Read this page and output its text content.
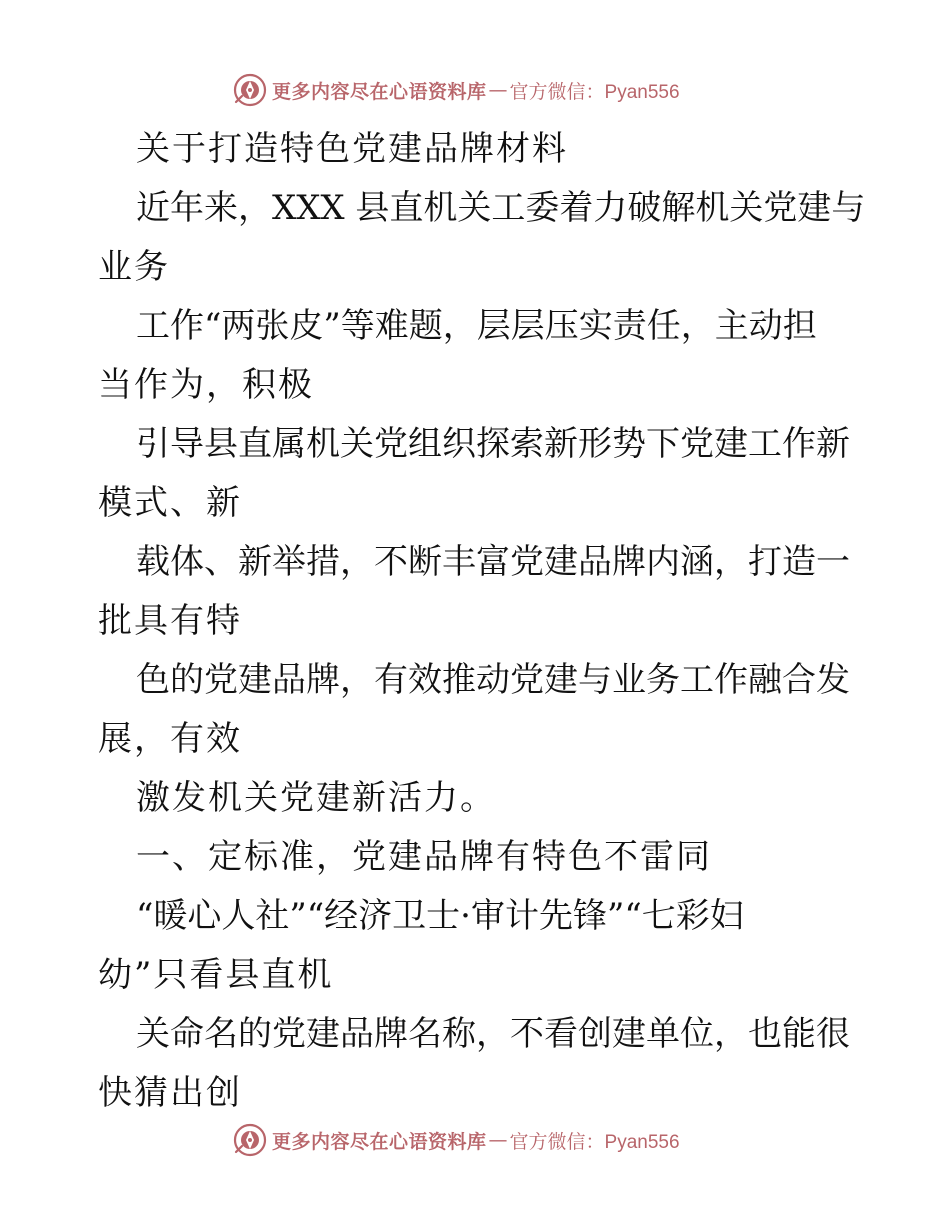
更多内容尽在心语资料库 — 官方微信：Pyan556
关于打造特色党建品牌材料
近年来，XXX 县直机关工委着力破解机关党建与
业务
工作“两张皮”等难题，层层压实责任，主动担
当作为，积极
引导县直属机关党组织探索新形势下党建工作新
模式、新
载体、新举措，不断丰富党建品牌内涵，打造一
批具有特
色的党建品牌，有效推动党建与业务工作融合发
展，有效
激发机关党建新活力。
一、定标准，党建品牌有特色不雷同
“暖心人社”“经济卫士·审计先锋”“七彩妇
幼”只看县直机
关命名的党建品牌名称，不看创建单位，也能很
快猜出创
更多内容尽在心语资料库 — 官方微信：Pyan556
